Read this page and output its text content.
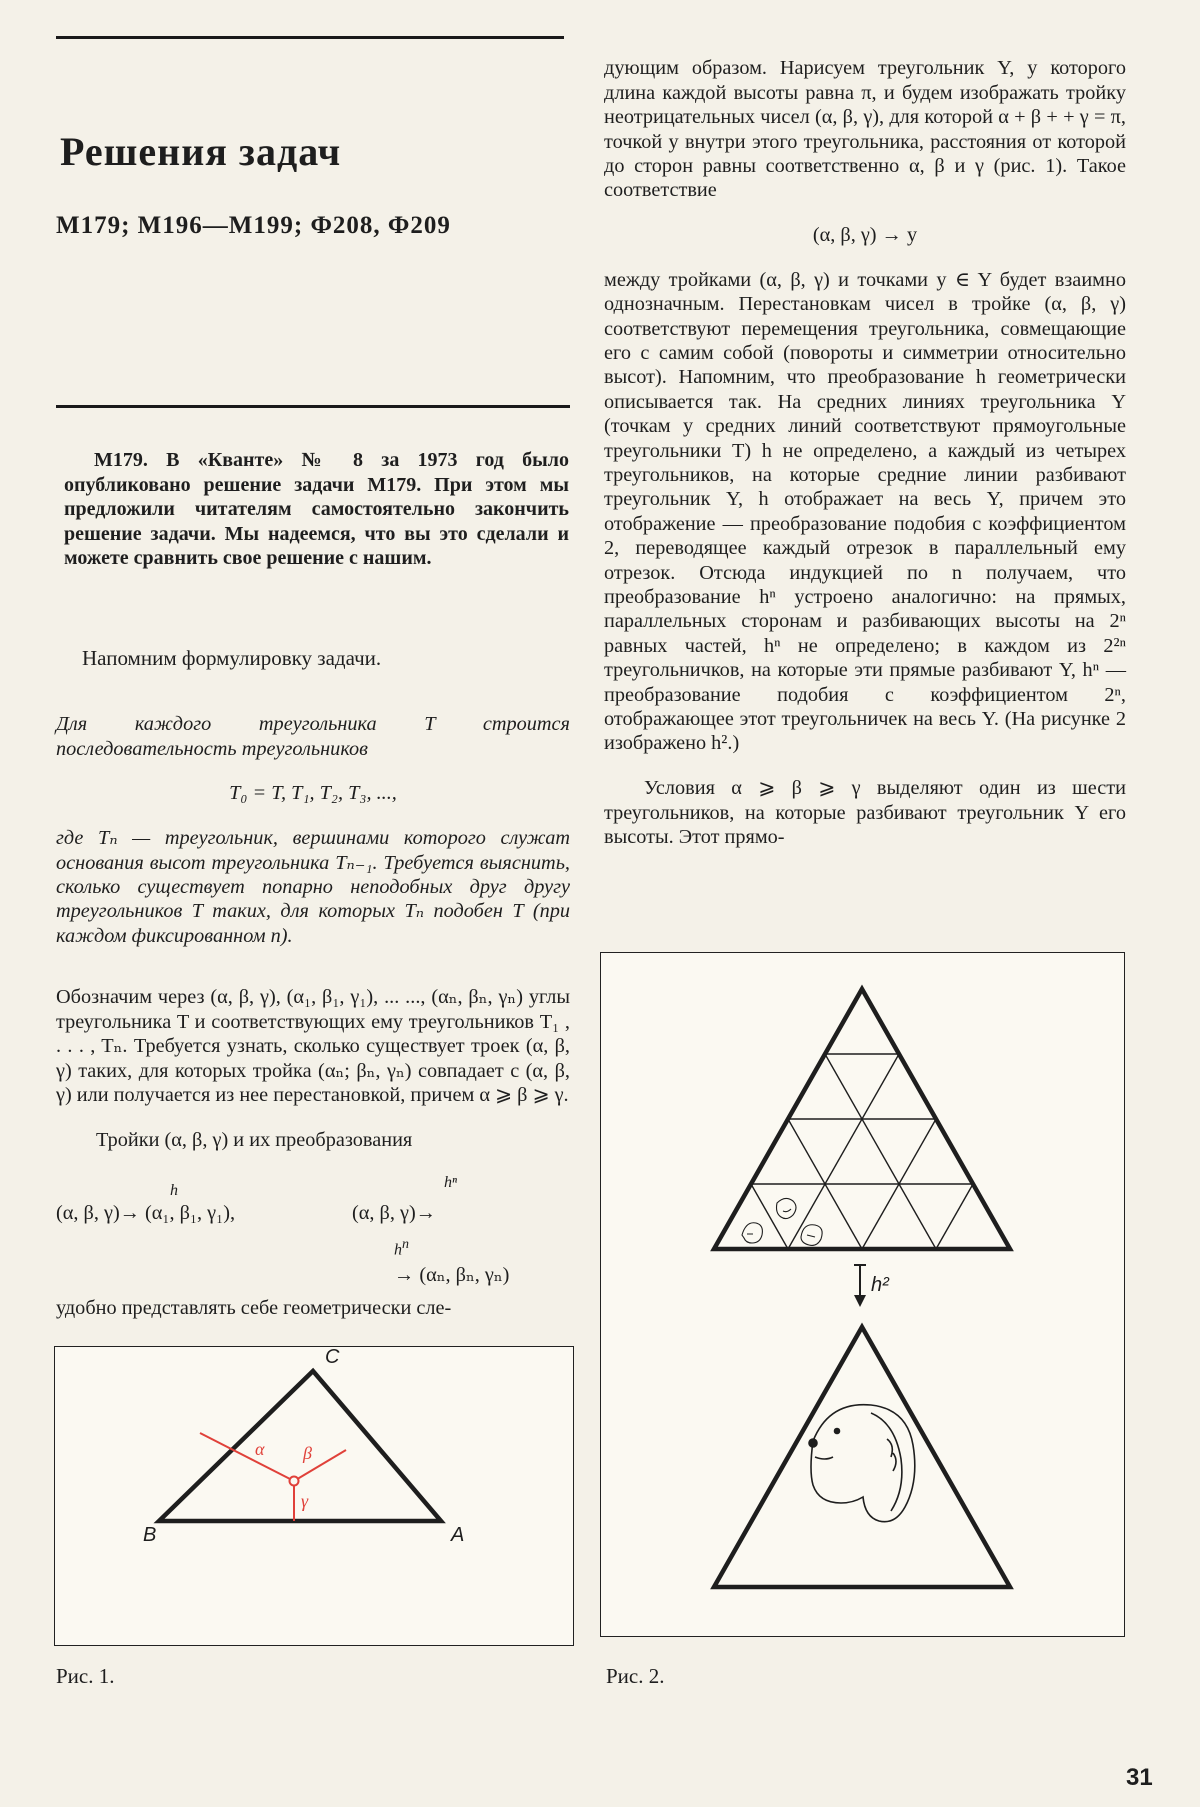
Решения задач
М179; М196—М199; Ф208, Ф209
М179. В «Кванте» № 8 за 1973 год было опубликовано решение задачи М179. При этом мы предложили читателям самостоятельно закончить решение задачи. Мы надеемся, что вы это сделали и можете сравнить свое решение с нашим.
Напомним формулировку задачи.

Для каждого треугольника T строится последовательность треугольников

T₀ = T, T₁, T₂, T₃, ...,

где Tₙ — треугольник, вершинами которого служат основания высот треугольника Tₙ₋₁. Требуется выяснить, сколько существует попарно неподобных друг другу треугольников T таких, для которых Tₙ подобен T (при каждом фиксированном n).

Обозначим через (α, β, γ), (α₁, β₁, γ₁), ... ..., (αₙ, βₙ, γₙ) углы треугольника T и соответствующих ему треугольников T₁ , . . . , Tₙ. Требуется узнать, сколько существует троек (α, β, γ) таких, для которых тройка (αₙ; βₙ, γₙ) совпадает с (α, β, γ) или получается из нее перестановкой, причем α ⩾ β ⩾ γ.

Тройки (α, β, γ) и их преобразования

h	hⁿ
(α, β, γ)→ (α₁, β₁, γ₁),	(α, β, γ)→
$h^n$
→ (αₙ, βₙ, γₙ)
удобно представлять себе геометрически сле-
C
B	A
α β
γ
Рис. 1.

дующим образом. Нарисуем треугольник Y, у которого длина каждой высоты равна π, и будем изображать тройку неотрицательных чисел (α, β, γ), для которой α + β + + γ = π, точкой y внутри этого треугольника, расстояния от которой до сторон равны соответственно α, β и γ (рис. 1). Такое соответствие

(α, β, γ) → y

между тройками (α, β, γ) и точками y ∈ Y будет взаимно однозначным. Перестановкам чисел в тройке (α, β, γ) соответствуют перемещения треугольника, совмещающие его с самим собой (повороты и симметрии относительно высот). Напомним, что преобразование h геометрически описывается так. На средних линиях треугольника Y (точкам y средних линий соответствуют прямоугольные треугольники T) h не определено, а каждый из четырех треугольников, на которые средние линии разбивают треугольник Y, h отображает на весь Y, причем это отображение — преобразование подобия с коэффициентом 2, переводящее каждый отрезок в параллельный ему отрезок. Отсюда индукцией по n получаем, что преобразование hⁿ устроено аналогично: на прямых, параллельных сторонам и разбивающих высоты на 2ⁿ равных частей, hⁿ не определено; в каждом из 2²ⁿ треугольничков, на которые эти прямые разбивают Y, hⁿ — преобразование подобия с коэффициентом 2ⁿ, отображающее этот треугольничек на весь Y. (На рисунке 2 изображено h².)

Условия α ⩾ β ⩾ γ выделяют один из шести треугольников, на которые разбивают треугольник Y его высоты. Этот прямо-

h²
Рис. 2.
31
